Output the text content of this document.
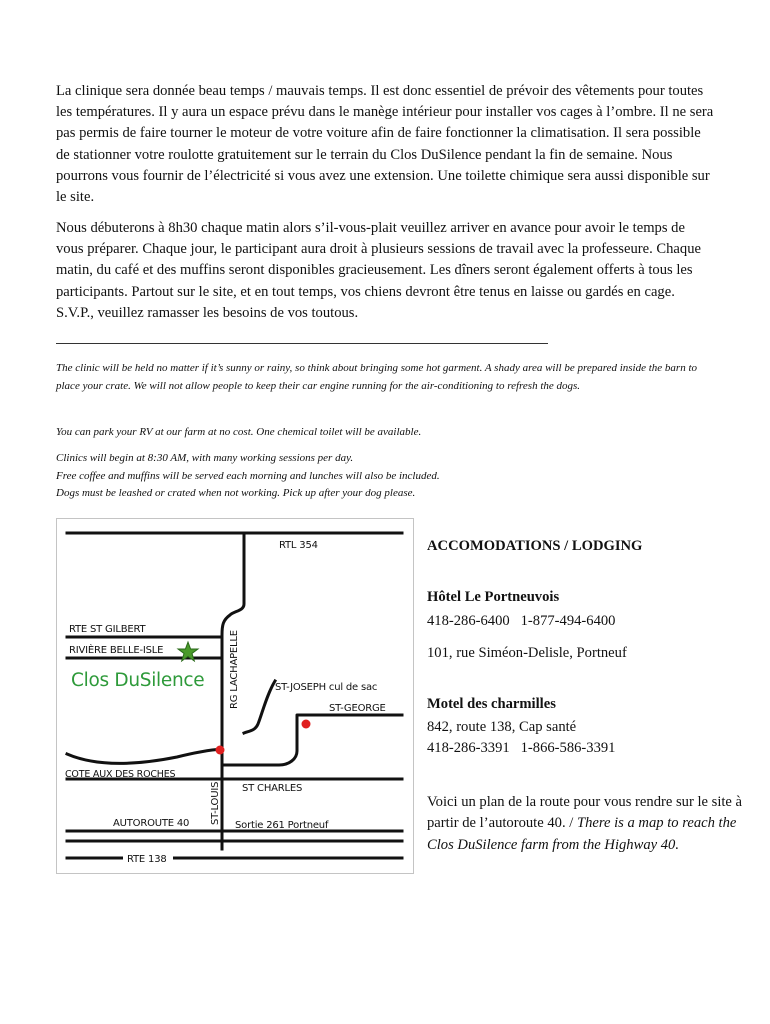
La clinique sera donnée beau temps / mauvais temps. Il est donc essentiel de prévoir des vêtements pour toutes les températures. Il y aura un espace prévu dans le manège intérieur pour installer vos cages à l’ombre. Il ne sera pas permis de faire tourner le moteur de votre voiture afin de faire fonctionner la climatisation. Il sera possible de stationner votre roulotte gratuitement sur le terrain du Clos DuSilence pendant la fin de semaine. Nous pourrons vous fournir de l’électricité si vous avez une extension. Une toilette chimique sera aussi disponible sur le site.

Nous débuterons à 8h30 chaque matin alors s’il-vous-plait veuillez arriver en avance pour avoir le temps de vous préparer. Chaque jour, le participant aura droit à plusieurs sessions de travail avec la professeure. Chaque matin, du café et des muffins seront disponibles gracieusement. Les dîners seront également offerts à tous les participants. Partout sur le site, et en tout temps, vos chiens devront être tenus en laisse ou gardés en cage. S.V.P., veuillez ramasser les besoins de vos toutous.

The clinic will be held no matter if it’s sunny or rainy, so think about bringing some hot garment. A shady area will be prepared inside the barn to place your crate. We will not allow people to keep their car engine running for the air-conditioning to refresh the dogs.

You can park your RV at our farm at no cost. One chemical toilet will be available.

Clinics will begin at 8:30 AM, with many working sessions per day.
Free coffee and muffins will be served each morning and lunches will also be included.
Dogs must be leashed or crated when not working. Pick up after your dog please.

RTL 354
RTE ST GILBERT
RIVIÈRE BELLE-ISLE
Clos DuSilence RG LACHAPELLE	ST-JOSEPH cul de sac
ST-GEORGE
COTE AUX DES ROCHES
ST CHARLES
ST-LOUIS
AUTOROUTE 40	Sortie 261 Portneuf
RTE 138
ACCOMODATIONS / LODGING
Hôtel Le Portneuvois

418-286-6400   1-877-494-6400

101, rue Siméon-Delisle, Portneuf

Motel des charmilles

842, route 138, Cap santé

418-286-3391   1-866-586-3391

Voici un plan de la route pour vous rendre sur le site à partir de l’autoroute 40. / There is a map to reach the Clos DuSilence farm from the Highway 40.
